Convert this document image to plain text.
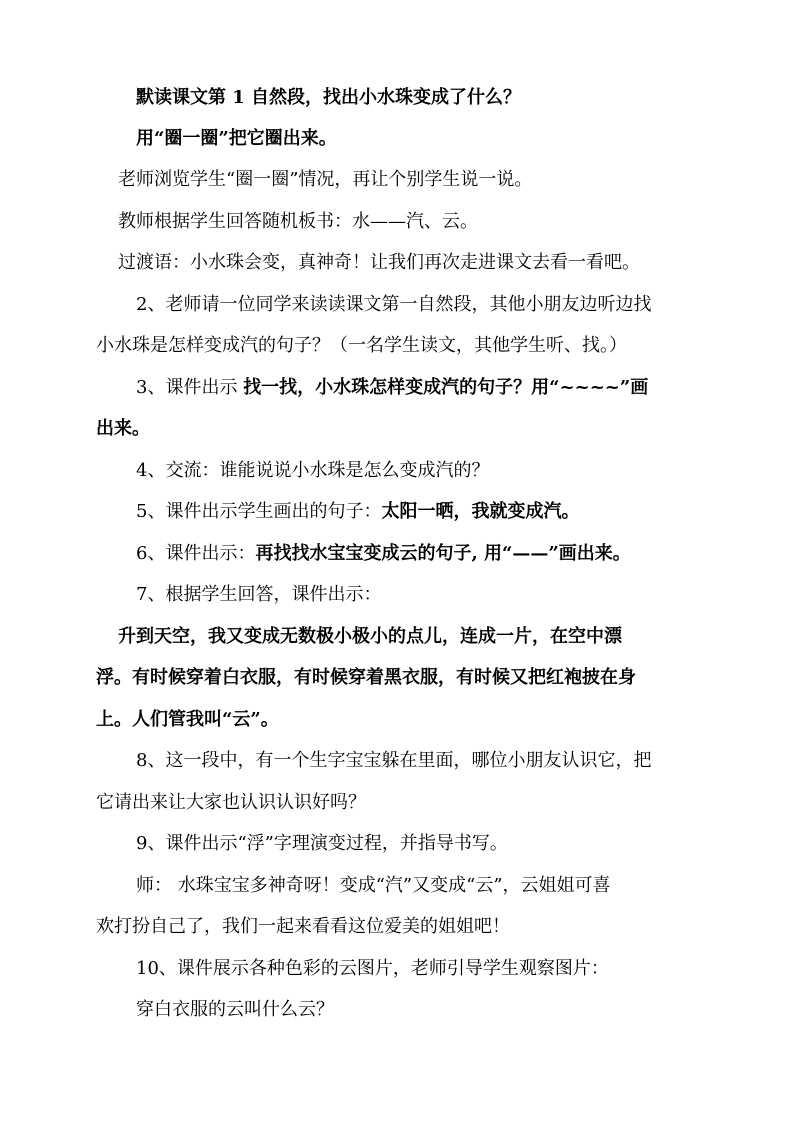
默读课文第 1 自然段，找出小水珠变成了什么？
用“圈一圈”把它圈出来。
老师浏览学生“圈一圈”情况，再让个别学生说一说。
教师根据学生回答随机板书：水——汽、云。
过渡语：小水珠会变，真神奇！让我们再次走进课文去看一看吧。
2、老师请一位同学来读读课文第一自然段，其他小朋友边听边找
小水珠是怎样变成汽的句子？（一名学生读文，其他学生听、找。）
3、课件出示 找一找，小水珠怎样变成汽的句子？用“~~~~”画
出来。
4、交流：谁能说说小水珠是怎么变成汽的？
5、课件出示学生画出的句子：太阳一晒，我就变成汽。
6、课件出示：再找找水宝宝变成云的句子, 用“——”画出来。
7、根据学生回答，课件出示：
升到天空，我又变成无数极小极小的点儿，连成一片，在空中漂
浮。有时候穿着白衣服，有时候穿着黑衣服，有时候又把红袍披在身
上。人们管我叫“云”。
8、这一段中，有一个生字宝宝躲在里面，哪位小朋友认识它，把
它请出来让大家也认识认识好吗？
9、课件出示“浮”字理演变过程，并指导书写。
师： 水珠宝宝多神奇呀！变成“汽”又变成“云”，云姐姐可喜
欢打扮自己了，我们一起来看看这位爱美的姐姐吧！
10、课件展示各种色彩的云图片，老师引导学生观察图片：
穿白衣服的云叫什么云？
